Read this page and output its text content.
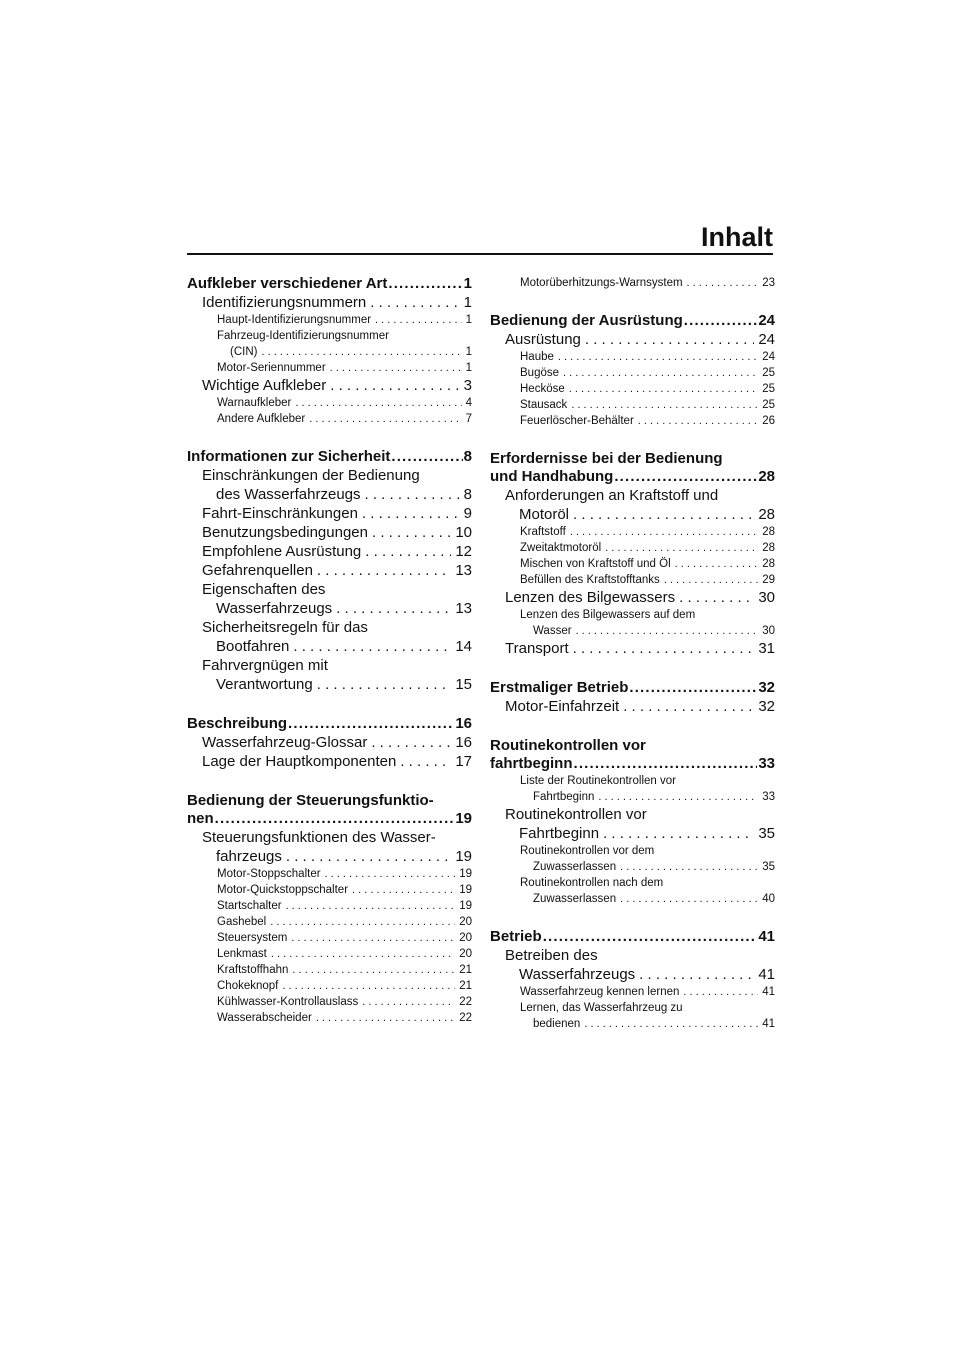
Inhalt
Aufkleber verschiedener Art . . .	1
Identifizierungsnummern . . .	1
Haupt-Identifizierungsnummer . . .	1
Fahrzeug-Identifizierungsnummer
(CIN) . . .	1
Motor-Seriennummer . . .	1
Wichtige Aufkleber . . .	3
Warnaufkleber . . .	4
Andere Aufkleber . . .	7
Informationen zur Sicherheit . . .	8
Einschränkungen der Bedienung
des Wasserfahrzeugs . . .	8
Fahrt-Einschränkungen . . .	9
Benutzungsbedingungen . . .	10
Empfohlene Ausrüstung . . .	12
Gefahrenquellen . . .	13
Eigenschaften des
Wasserfahrzeugs . . .	13
Sicherheitsregeln für das
Bootfahren . . .	14
Fahrvergnügen mit
Verantwortung . . .	15
Beschreibung . . .	16
Wasserfahrzeug-Glossar . . .	16
Lage der Hauptkomponenten . . .	17
Bedienung der Steuerungsfunktio-
nen . . .	19
Steuerungsfunktionen des Wasser-
fahrzeugs . . .	19
Motor-Stoppschalter . . .	19
Motor-Quickstoppschalter . . .	19
Startschalter . . .	19
Gashebel . . .	20
Steuersystem . . .	20
Lenkmast . . .	20
Kraftstoffhahn . . .	21
Chokeknopf . . .	21
Kühlwasser-Kontrollauslass . . .	22
Wasserabscheider . . .	22
Motorüberhitzungs-Warnsystem . . .	23
Bedienung der Ausrüstung . . .	24
Ausrüstung . . .	24
Haube . . .	24
Bugöse . . .	25
Hecköse . . .	25
Stausack . . .	25
Feuerlöscher-Behälter . . .	26
Erfordernisse bei der Bedienung
und Handhabung . . .	28
Anforderungen an Kraftstoff und
Motoröl . . .	28
Kraftstoff . . .	28
Zweitaktmotoröl . . .	28
Mischen von Kraftstoff und Öl . . .	28
Befüllen des Kraftstofftanks . . .	29
Lenzen des Bilgewassers . . .	30
Lenzen des Bilgewassers auf dem
Wasser . . .	30
Transport . . .	31
Erstmaliger Betrieb . . .	32
Motor-Einfahrzeit . . .	32
Routinekontrollen vor
fahrtbeginn . . .	33
Liste der Routinekontrollen vor
Fahrtbeginn . . .	33
Routinekontrollen vor
Fahrtbeginn . . .	35
Routinekontrollen vor dem
Zuwasserlassen . . .	35
Routinekontrollen nach dem
Zuwasserlassen . . .	40
Betrieb . . .	41
Betreiben des
Wasserfahrzeugs . . .	41
Wasserfahrzeug kennen lernen . . .	41
Lernen, das Wasserfahrzeug zu
bedienen . . .	41
